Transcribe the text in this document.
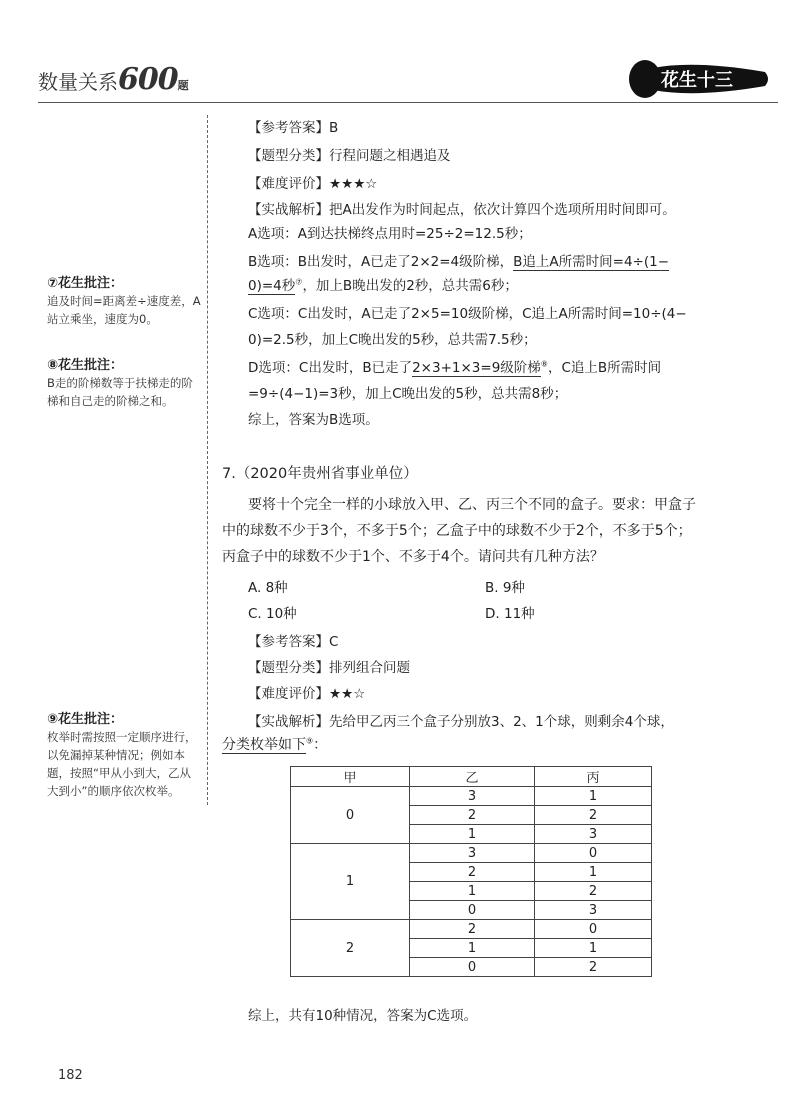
数量关系600题	花生十三
【参考答案】B
【题型分类】行程问题之相遇追及
【难度评价】★★★☆
【实战解析】把A出发作为时间起点，依次计算四个选项所用时间即可。
A选项：A到达扶梯终点用时=25÷2=12.5秒；
B选项：B出发时，A已走了2×2=4级阶梯，B追上A所需时间=4÷(1−
0)=4秒⑦，加上B晚出发的2秒，总共需6秒；
C选项：C出发时，A已走了2×5=10级阶梯，C追上A所需时间=10÷(4−
0)=2.5秒，加上C晚出发的5秒，总共需7.5秒；
D选项：C出发时，B已走了2×3+1×3=9级阶梯⑧，C追上B所需时间
=9÷(4−1)=3秒，加上C晚出发的5秒，总共需8秒；
综上，答案为B选项。
⑦花生批注：
追及时间=距离差÷速度差，A站立乘坐，速度为0。
⑧花生批注：
B走的阶梯数等于扶梯走的阶梯和自己走的阶梯之和。
⑨花生批注：
枚举时需按照一定顺序进行，以免漏掉某种情况；例如本题，按照“甲从小到大，乙从大到小”的顺序依次枚举。
7.（2020年贵州省事业单位）
要将十个完全一样的小球放入甲、乙、丙三个不同的盒子。要求：甲盒子
中的球数不少于3个，不多于5个；乙盒子中的球数不少于2个，不多于5个；
丙盒子中的球数不少于1个、不多于4个。请问共有几种方法？
A. 8种	B. 9种
C. 10种	D. 11种
【参考答案】C
【题型分类】排列组合问题
【难度评价】★★☆
【实战解析】先给甲乙丙三个盒子分别放3、2、1个球，则剩余4个球，
分类枚举如下⑨：
甲	乙	丙
0	3	1
	2	2
	1	3
1	3	0
	2	1
	1	2
	0	3
2	2	0
	1	1
	0	2
综上，共有10种情况，答案为C选项。
182
